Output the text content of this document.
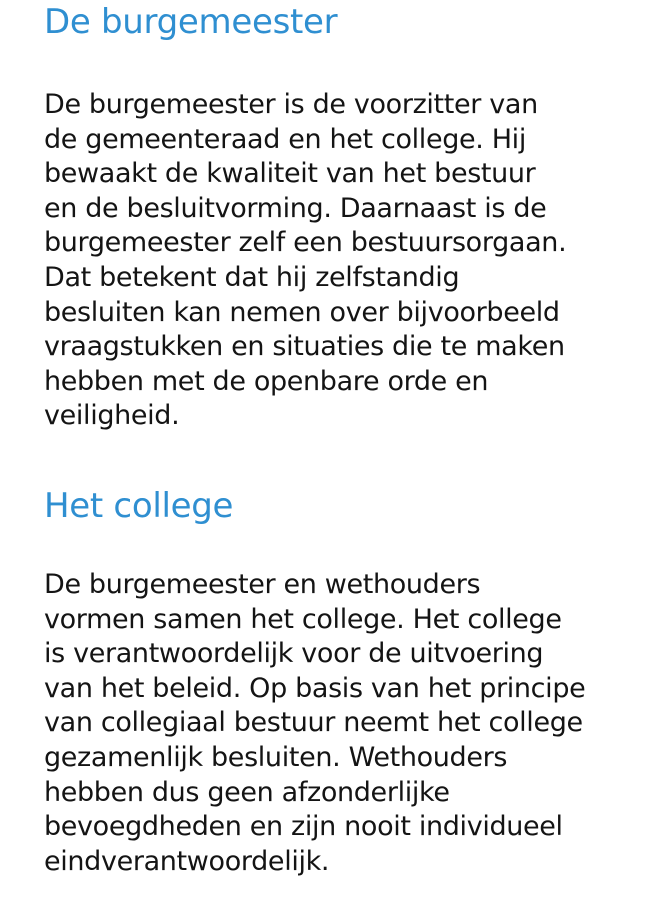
De burgemeester

De burgemeester is de voorzitter van
de gemeenteraad en het college. Hij
bewaakt de kwaliteit van het bestuur
en de besluitvorming. Daarnaast is de
burgemeester zelf een bestuursorgaan.
Dat betekent dat hij zelfstandig
besluiten kan nemen over bijvoorbeeld
vraagstukken en situaties die te maken
hebben met de openbare orde en
veiligheid.

Het college

De burgemeester en wethouders
vormen samen het college. Het college
is verantwoordelijk voor de uitvoering
van het beleid. Op basis van het principe
van collegiaal bestuur neemt het college
gezamenlijk besluiten. Wethouders
hebben dus geen afzonderlijke
bevoegdheden en zijn nooit individueel
eindverantwoordelijk.
